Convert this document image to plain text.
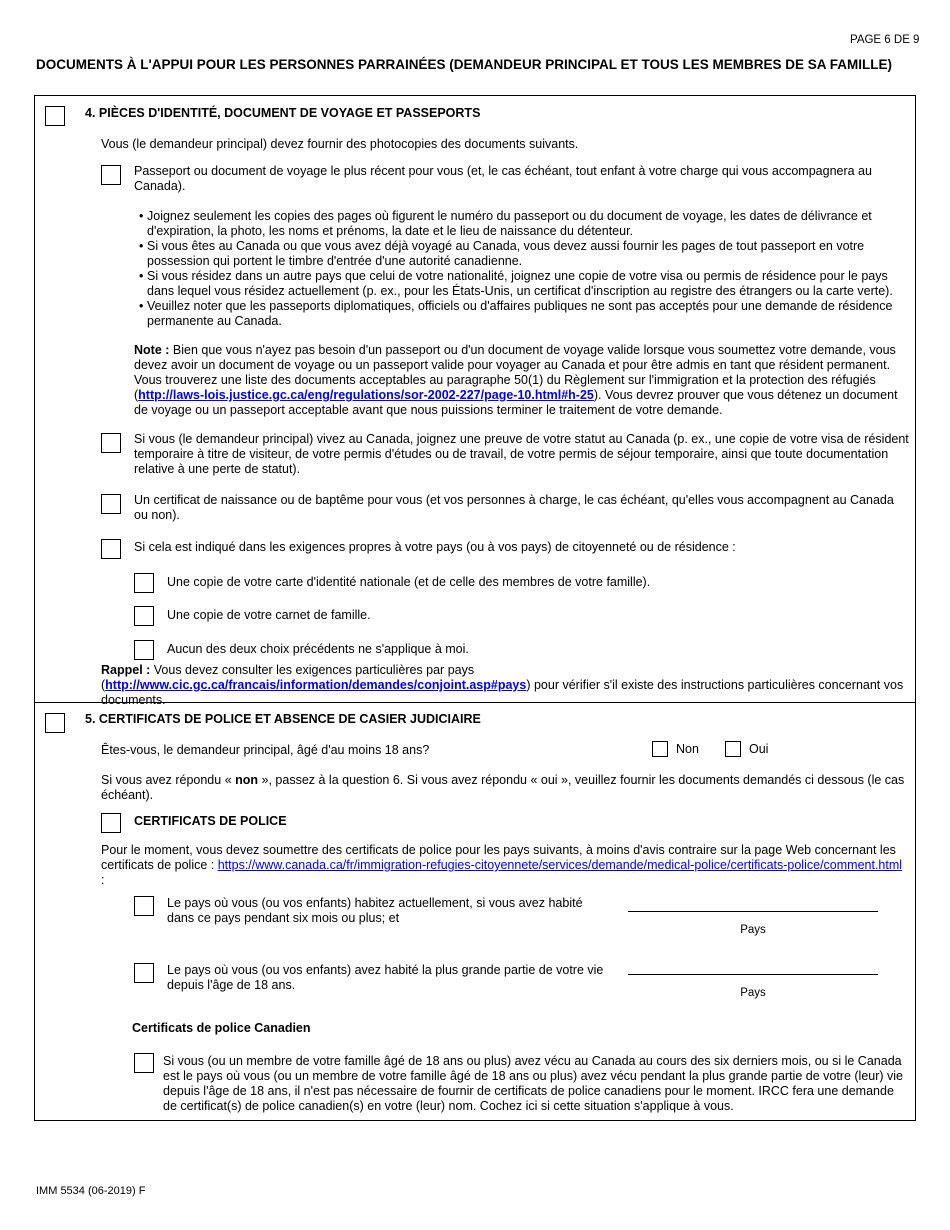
PAGE 6 DE 9
DOCUMENTS À L'APPUI POUR LES PERSONNES PARRAINÉES (DEMANDEUR PRINCIPAL ET TOUS LES MEMBRES DE SA FAMILLE)
4. PIÈCES D'IDENTITÉ, DOCUMENT DE VOYAGE ET PASSEPORTS
Vous (le demandeur principal) devez fournir des photocopies des documents suivants.
Passeport ou document de voyage le plus récent pour vous (et, le cas échéant, tout enfant à votre charge qui vous accompagnera au Canada).
• Joignez seulement les copies des pages où figurent le numéro du passeport ou du document de voyage, les dates de délivrance et d'expiration, la photo, les noms et prénoms, la date et le lieu de naissance du détenteur.
• Si vous êtes au Canada ou que vous avez déjà voyagé au Canada, vous devez aussi fournir les pages de tout passeport en votre possession qui portent le timbre d'entrée d'une autorité canadienne.
• Si vous résidez dans un autre pays que celui de votre nationalité, joignez une copie de votre visa ou permis de résidence pour le pays dans lequel vous résidez actuellement (p. ex., pour les États-Unis, un certificat d'inscription au registre des étrangers ou la carte verte).
• Veuillez noter que les passeports diplomatiques, officiels ou d'affaires publiques ne sont pas acceptés pour une demande de résidence permanente au Canada.
Note : Bien que vous n'ayez pas besoin d'un passeport ou d'un document de voyage valide lorsque vous soumettez votre demande, vous devez avoir un document de voyage ou un passeport valide pour voyager au Canada et pour être admis en tant que résident permanent. Vous trouverez une liste des documents acceptables au paragraphe 50(1) du Règlement sur l'immigration et la protection des réfugiés (http://laws-lois.justice.gc.ca/eng/regulations/sor-2002-227/page-10.html#h-25). Vous devrez prouver que vous détenez un document de voyage ou un passeport acceptable avant que nous puissions terminer le traitement de votre demande.
Si vous (le demandeur principal) vivez au Canada, joignez une preuve de votre statut au Canada (p. ex., une copie de votre visa de résident temporaire à titre de visiteur, de votre permis d'études ou de travail, de votre permis de séjour temporaire, ainsi que toute documentation relative à une perte de statut).
Un certificat de naissance ou de baptême pour vous (et vos personnes à charge, le cas échéant, qu'elles vous accompagnent au Canada ou non).
Si cela est indiqué dans les exigences propres à votre pays (ou à vos pays) de citoyenneté ou de résidence :
Une copie de votre carte d'identité nationale (et de celle des membres de votre famille).
Une copie de votre carnet de famille.
Aucun des deux choix précédents ne s'applique à moi.
Rappel : Vous devez consulter les exigences particulières par pays (http://www.cic.gc.ca/francais/information/demandes/conjoint.asp#pays) pour vérifier s'il existe des instructions particulières concernant vos documents.
5. CERTIFICATS DE POLICE ET ABSENCE DE CASIER JUDICIAIRE
Êtes-vous, le demandeur principal, âgé d'au moins 18 ans?	Non	Oui
Si vous avez répondu « non », passez à la question 6. Si vous avez répondu « oui », veuillez fournir les documents demandés ci dessous (le cas échéant).
CERTIFICATS DE POLICE
Pour le moment, vous devez soumettre des certificats de police pour les pays suivants, à moins d'avis contraire sur la page Web concernant les certificats de police : https://www.canada.ca/fr/immigration-refugies-citoyennete/services/demande/medical-police/certificats-police/comment.html :
Le pays où vous (ou vos enfants) habitez actuellement, si vous avez habité dans ce pays pendant six mois ou plus; et
Pays
Le pays où vous (ou vos enfants) avez habité la plus grande partie de votre vie depuis l'âge de 18 ans.
Pays
Certificats de police Canadien
Si vous (ou un membre de votre famille âgé de 18 ans ou plus) avez vécu au Canada au cours des six derniers mois, ou si le Canada est le pays où vous (ou un membre de votre famille âgé de 18 ans ou plus) avez vécu pendant la plus grande partie de votre (leur) vie depuis l'âge de 18 ans, il n'est pas nécessaire de fournir de certificats de police canadiens pour le moment. IRCC fera une demande de certificat(s) de police canadien(s) en votre (leur) nom. Cochez ici si cette situation s'applique à vous.
IMM 5534 (06-2019) F
